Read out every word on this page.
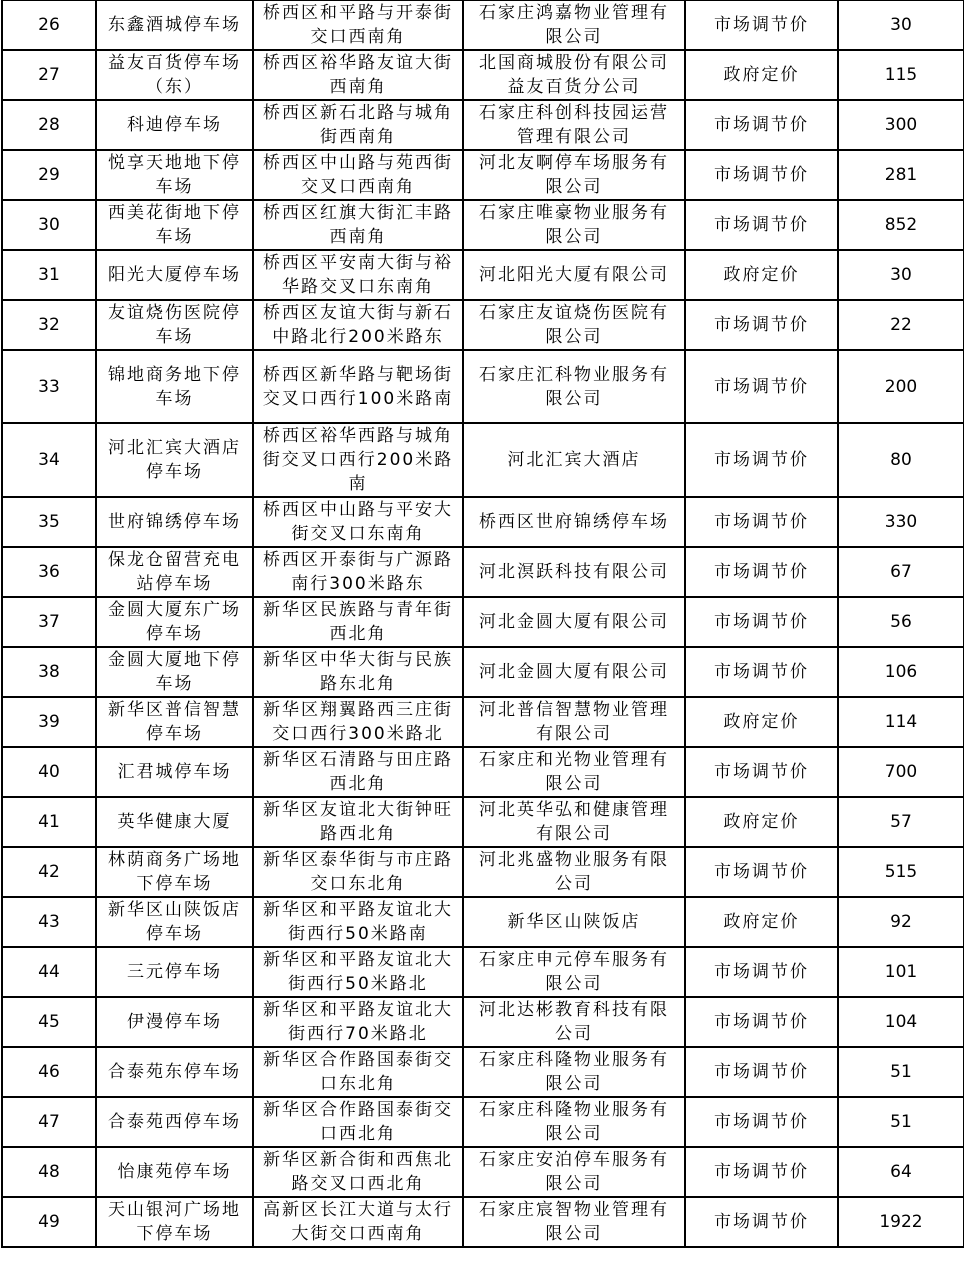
26	东鑫酒城停车场	桥西区和平路与开泰街交口西南角	石家庄鸿嘉物业管理有限公司	市场调节价	30
27	益友百货停车场（东）	桥西区裕华路友谊大街西南角	北国商城股份有限公司益友百货分公司	政府定价	115
28	科迪停车场	桥西区新石北路与城角街西南角	石家庄科创科技园运营管理有限公司	市场调节价	300
29	悦享天地地下停车场	桥西区中山路与苑西街交叉口西南角	河北友啊停车场服务有限公司	市场调节价	281
30	西美花街地下停车场	桥西区红旗大街汇丰路西南角	石家庄唯豪物业服务有限公司	市场调节价	852
31	阳光大厦停车场	桥西区平安南大街与裕华路交叉口东南角	河北阳光大厦有限公司	政府定价	30
32	友谊烧伤医院停车场	桥西区友谊大街与新石中路北行200米路东	石家庄友谊烧伤医院有限公司	市场调节价	22
33	锦地商务地下停车场	桥西区新华路与靶场街交叉口西行100米路南	石家庄汇科物业服务有限公司	市场调节价	200
34	河北汇宾大酒店停车场	桥西区裕华西路与城角街交叉口西行200米路南	河北汇宾大酒店	市场调节价	80
35	世府锦绣停车场	桥西区中山路与平安大街交叉口东南角	桥西区世府锦绣停车场	市场调节价	330
36	保龙仓留营充电站停车场	桥西区开泰街与广源路南行300米路东	河北溟跃科技有限公司	市场调节价	67
37	金圆大厦东广场停车场	新华区民族路与青年街西北角	河北金圆大厦有限公司	市场调节价	56
38	金圆大厦地下停车场	新华区中华大街与民族路东北角	河北金圆大厦有限公司	市场调节价	106
39	新华区普信智慧停车场	新华区翔翼路西三庄街交口西行300米路北	河北普信智慧物业管理有限公司	政府定价	114
40	汇君城停车场	新华区石清路与田庄路西北角	石家庄和光物业管理有限公司	市场调节价	700
41	英华健康大厦	新华区友谊北大街钟旺路西北角	河北英华弘和健康管理有限公司	政府定价	57
42	林荫商务广场地下停车场	新华区泰华街与市庄路交口东北角	河北兆盛物业服务有限公司	市场调节价	515
43	新华区山陕饭店停车场	新华区和平路友谊北大街西行50米路南	新华区山陕饭店	政府定价	92
44	三元停车场	新华区和平路友谊北大街西行50米路北	石家庄申元停车服务有限公司	市场调节价	101
45	伊漫停车场	新华区和平路友谊北大街西行70米路北	河北达彬教育科技有限公司	市场调节价	104
46	合泰苑东停车场	新华区合作路国泰街交口东北角	石家庄科隆物业服务有限公司	市场调节价	51
47	合泰苑西停车场	新华区合作路国泰街交口西北角	石家庄科隆物业服务有限公司	市场调节价	51
48	怡康苑停车场	新华区新合街和西焦北路交叉口西北角	石家庄安泊停车服务有限公司	市场调节价	64
49	天山银河广场地下停车场	高新区长江大道与太行大街交口西南角	石家庄宸智物业管理有限公司	市场调节价	1922
